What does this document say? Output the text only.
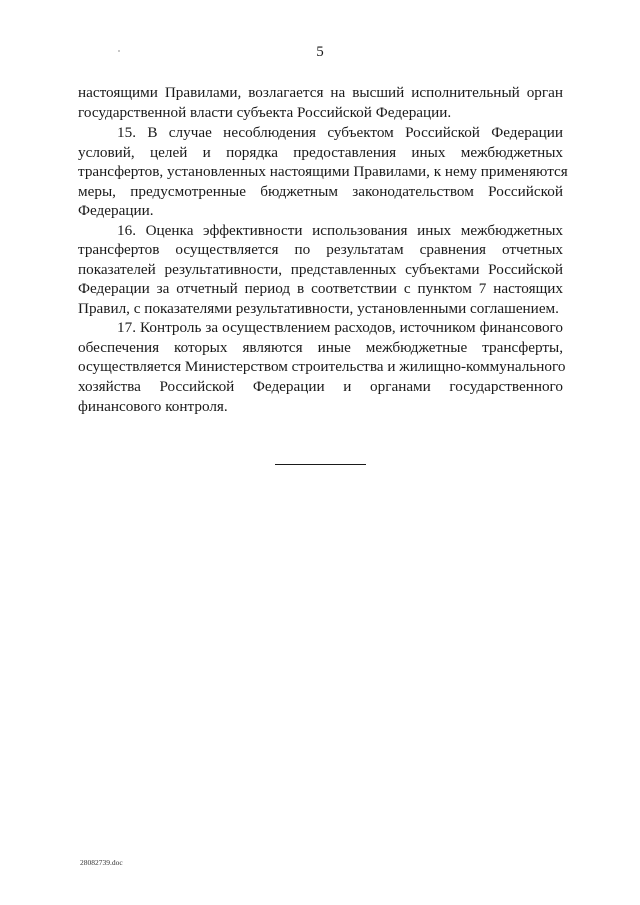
5
настоящими Правилами, возлагается на высший исполнительный орган
государственной власти субъекта Российской Федерации.
15. В случае несоблюдения субъектом Российской Федерации
условий, целей и порядка предоставления иных межбюджетных
трансфертов, установленных настоящими Правилами, к нему применяются
меры, предусмотренные бюджетным законодательством Российской
Федерации.
16. Оценка эффективности использования иных межбюджетных
трансфертов осуществляется по результатам сравнения отчетных
показателей результативности, представленных субъектами Российской
Федерации за отчетный период в соответствии с пунктом 7 настоящих
Правил, с показателями результативности, установленными соглашением.
17. Контроль за осуществлением расходов, источником финансового
обеспечения которых являются иные межбюджетные трансферты,
осуществляется Министерством строительства и жилищно-коммунального
хозяйства Российской Федерации и органами государственного
финансового контроля.
28082739.doc
